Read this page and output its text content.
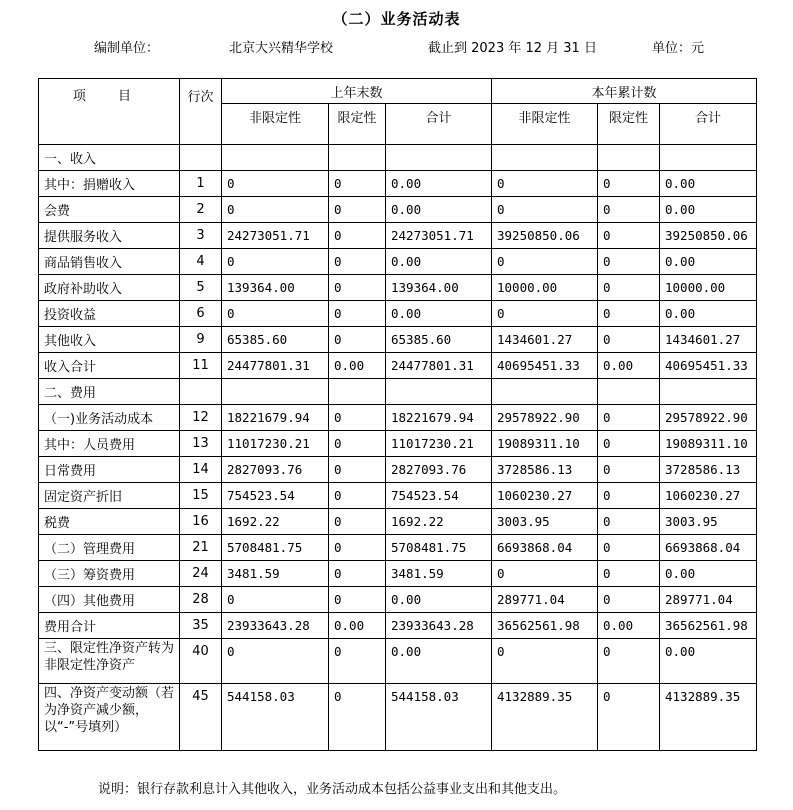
（二）业务活动表
编制单位：	北京大兴精华学校	截止到 2023 年 12 月 31 日	单位：元
项 目	行次	上年末数			本年累计数		
		非限定性	限定性	合计	非限定性	限定性	合计
一、收入							
其中：捐赠收入	1	0	0	0.00	0	0	0.00
会费	2	0	0	0.00	0	0	0.00
提供服务收入	3	24273051.71	0	24273051.71	39250850.06	0	39250850.06
商品销售收入	4	0	0	0.00	0	0	0.00
政府补助收入	5	139364.00	0	139364.00	10000.00	0	10000.00
投资收益	6	0	0	0.00	0	0	0.00
其他收入	9	65385.60	0	65385.60	1434601.27	0	1434601.27
收入合计	11	24477801.31	0.00	24477801.31	40695451.33	0.00	40695451.33
二、费用							
（一)业务活动成本	12	18221679.94	0	18221679.94	29578922.90	0	29578922.90
其中：人员费用	13	11017230.21	0	11017230.21	19089311.10	0	19089311.10
日常费用	14	2827093.76	0	2827093.76	3728586.13	0	3728586.13
固定资产折旧	15	754523.54	0	754523.54	1060230.27	0	1060230.27
税费	16	1692.22	0	1692.22	3003.95	0	3003.95
（二）管理费用	21	5708481.75	0	5708481.75	6693868.04	0	6693868.04
（三）筹资费用	24	3481.59	0	3481.59	0	0	0.00
（四）其他费用	28	0	0	0.00	289771.04	0	289771.04
费用合计	35	23933643.28	0.00	23933643.28	36562561.98	0.00	36562561.98
三、限定性净资产转为非限定性净资产	40	0	0	0.00	0	0	0.00
四、净资产变动额（若为净资产减少额，以“-”号填列）	45	544158.03	0	544158.03	4132889.35	0	4132889.35
说明：银行存款利息计入其他收入，业务活动成本包括公益事业支出和其他支出。
